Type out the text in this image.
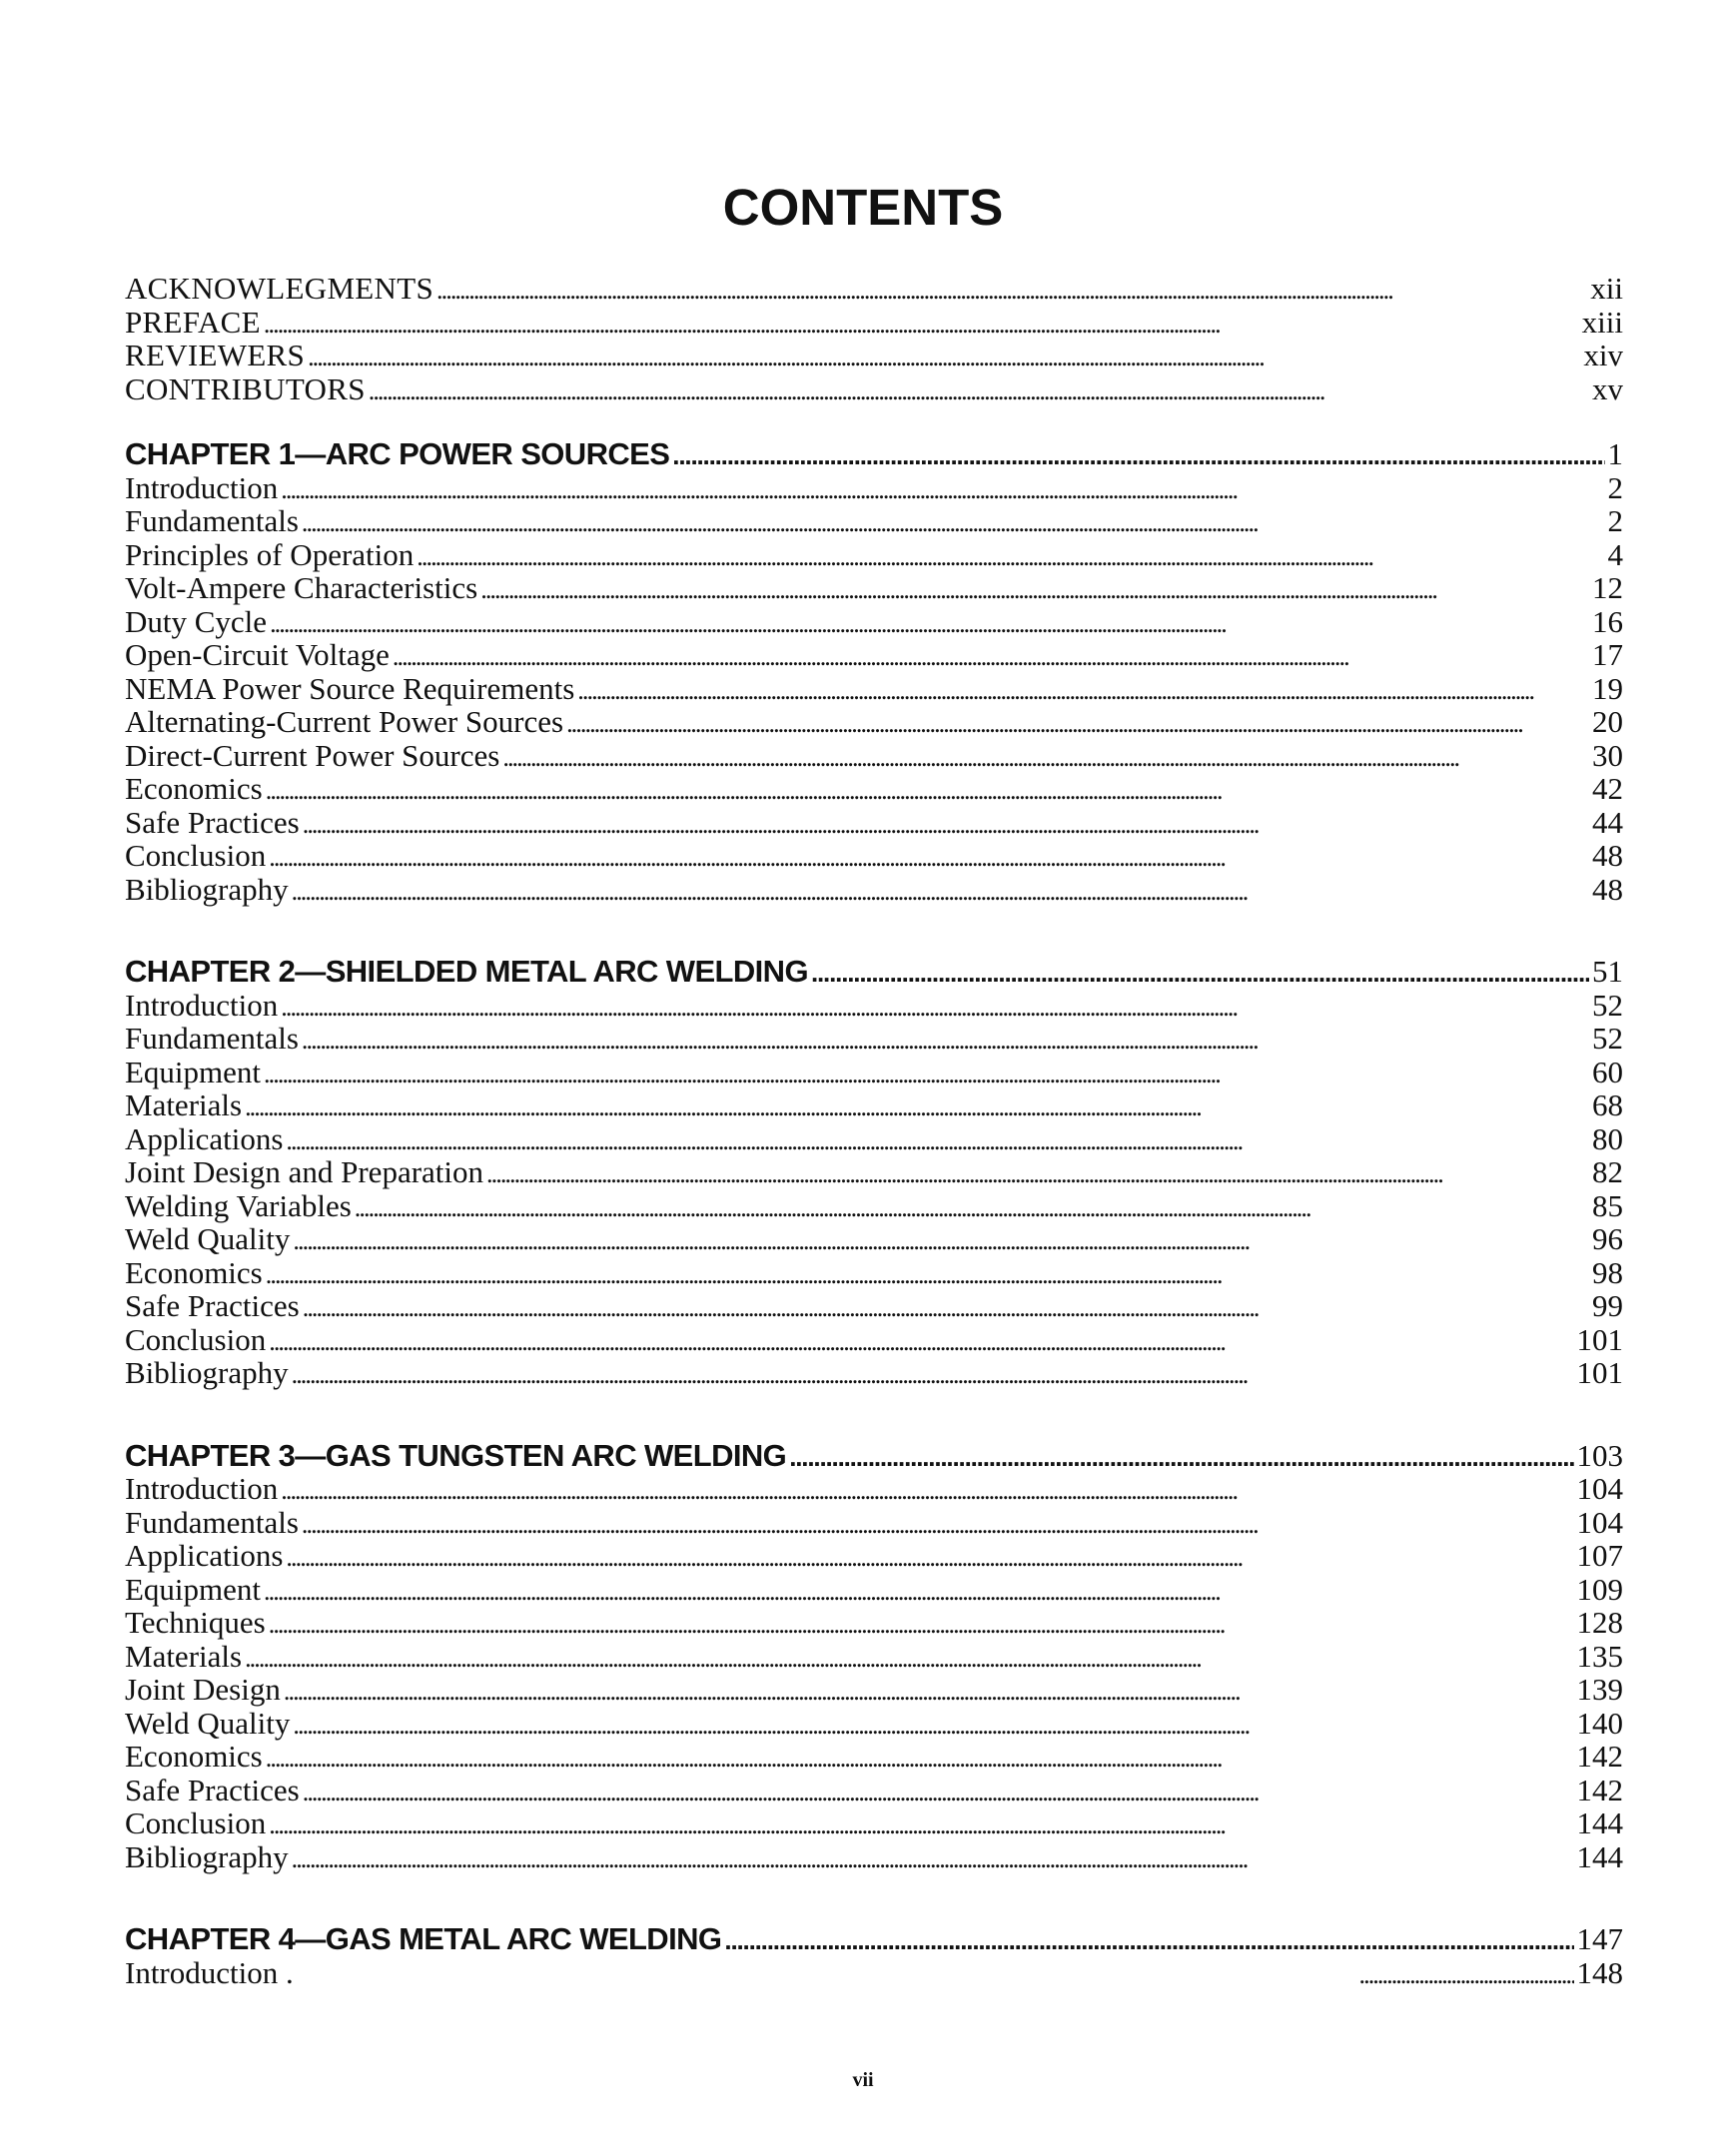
CONTENTS
ACKNOWLEGMENTS . . .	xii
PREFACE . . .	xiii
REVIEWERS . . .	xiv
CONTRIBUTORS . . .	xv
CHAPTER 1—ARC POWER SOURCES . . .	1
Introduction . . .	2
Fundamentals . . .	2
Principles of Operation . . .	4
Volt-Ampere Characteristics . . .	12
Duty Cycle . . .	16
Open-Circuit Voltage . . .	17
NEMA Power Source Requirements . . .	19
Alternating-Current Power Sources . . .	20
Direct-Current Power Sources . . .	30
Economics . . .	42
Safe Practices . . .	44
Conclusion . . .	48
Bibliography . . .	48
CHAPTER 2—SHIELDED METAL ARC WELDING . . .	51
Introduction . . .	52
Fundamentals . . .	52
Equipment . . .	60
Materials . . .	68
Applications . . .	80
Joint Design and Preparation . . .	82
Welding Variables . . .	85
Weld Quality . . .	96
Economics . . .	98
Safe Practices . . .	99
Conclusion . . .	101
Bibliography . . .	101
CHAPTER 3—GAS TUNGSTEN ARC WELDING . . .	103
Introduction . . .	104
Fundamentals . . .	104
Applications . . .	107
Equipment . . .	109
Techniques . . .	128
Materials . . .	135
Joint Design . . .	139
Weld Quality . . .	140
Economics . . .	142
Safe Practices . . .	142
Conclusion . . .	144
Bibliography . . .	144
CHAPTER 4—GAS METAL ARC WELDING . . .	147
Introduction . . . .	148
vii
